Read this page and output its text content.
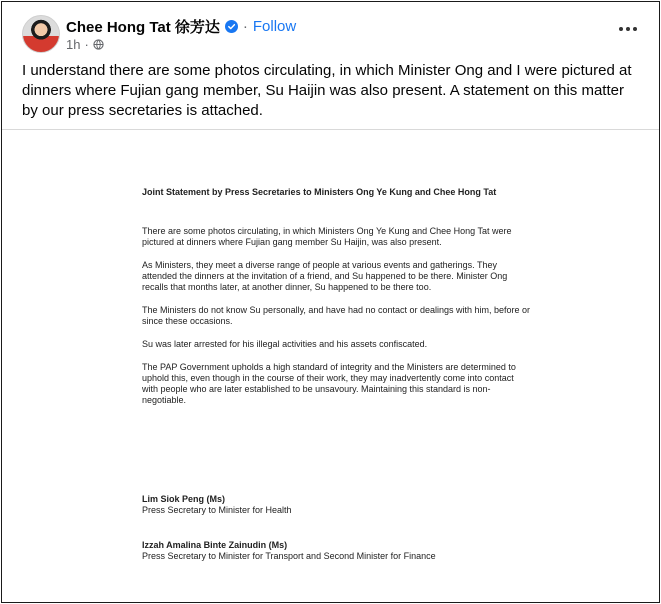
Chee Hong Tat 徐芳达 · Follow
1h ·
I understand there are some photos circulating, in which Minister Ong and I were pictured at dinners where Fujian gang member, Su Haijin was also present. A statement on this matter by our press secretaries is attached.

Joint Statement by Press Secretaries to Ministers Ong Ye Kung and Chee Hong Tat

There are some photos circulating, in which Ministers Ong Ye Kung and Chee Hong Tat were pictured at dinners where Fujian gang member Su Haijin, was also present.

As Ministers, they meet a diverse range of people at various events and gatherings. They attended the dinners at the invitation of a friend, and Su happened to be there. Minister Ong recalls that months later, at another dinner, Su happened to be there too.

The Ministers do not know Su personally, and have had no contact or dealings with him, before or since these occasions.

Su was later arrested for his illegal activities and his assets confiscated.

The PAP Government upholds a high standard of integrity and the Ministers are determined to uphold this, even though in the course of their work, they may inadvertently come into contact with people who are later established to be unsavoury. Maintaining this standard is non-negotiable.

Lim Siok Peng (Ms)
Press Secretary to Minister for Health
Izzah Amalina Binte Zainudin (Ms)
Press Secretary to Minister for Transport and Second Minister for Finance
